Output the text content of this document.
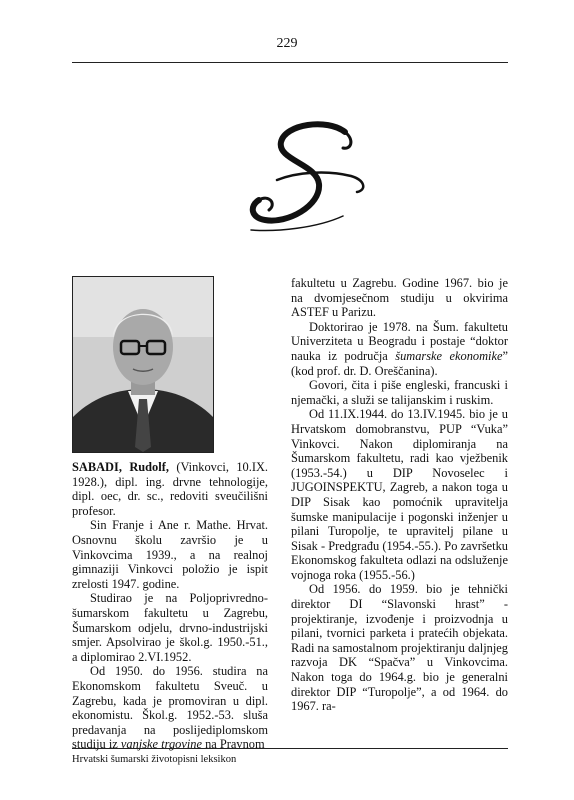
229

SABADI, Rudolf, (Vinkovci, 10.IX. 1928.), dipl. ing. drvne tehnologije, dipl. oec, dr. sc., redoviti sveučilišni profesor.

Sin Franje i Ane r. Mathe. Hrvat. Osnovnu školu završio je u Vinkovcima 1939., a na realnoj gimnaziji Vinkovci položio je ispit zrelosti 1947. godine.

Studirao je na Poljoprivredno-šumarskom fakultetu u Zagrebu, Šumarskom odjelu, drvno-industrijski smjer. Apsolvirao je škol.g. 1950.-51., a diplomirao 2.VI.1952.

Od 1950. do 1956. studira na Ekonomskom fakultetu Sveuč. u Zagrebu, kada je promoviran u dipl. ekonomistu. Škol.g. 1952.-53. sluša predavanja na poslijediplomskom studiju iz vanjske trgovine na Pravnom

fakultetu u Zagrebu. Godine 1967. bio je na dvomjesečnom studiju u okvirima ASTEF u Parizu.

Doktorirao je 1978. na Šum. fakultetu Univerziteta u Beogradu i postaje “doktor nauka iz područja šumarske ekonomike” (kod prof. dr. D. Oreščanina).

Govori, čita i piše engleski, francuski i njemački, a služi se talijanskim i ruskim.

Od 11.IX.1944. do 13.IV.1945. bio je u Hrvatskom domobranstvu, PUP “Vuka” Vinkovci. Nakon diplomiranja na Šumarskom fakultetu, radi kao vježbenik (1953.-54.) u DIP Novoselec i JUGOINSPEKTU, Zagreb, a nakon toga u DIP Sisak kao pomoćnik upravitelja šumske manipulacije i pogonski inženjer u pilani Turopolje, te upravitelj pilane u Sisak - Predgrađu (1954.-55.). Po završetku Ekonomskog fakulteta odlazi na odsluženje vojnoga roka (1955.-56.)

Od 1956. do 1959. bio je tehnički direktor DI “Slavonski hrast” - projektiranje, izvođenje i proizvodnja u pilani, tvornici parketa i pratećih objekata. Radi na samostalnom projektiranju daljnjeg razvoja DK “Spačva” u Vinkovcima. Nakon toga do 1964.g. bio je generalni direktor DIP “Turopolje”, a od 1964. do 1967. ra-

Hrvatski šumarski životopisni leksikon
